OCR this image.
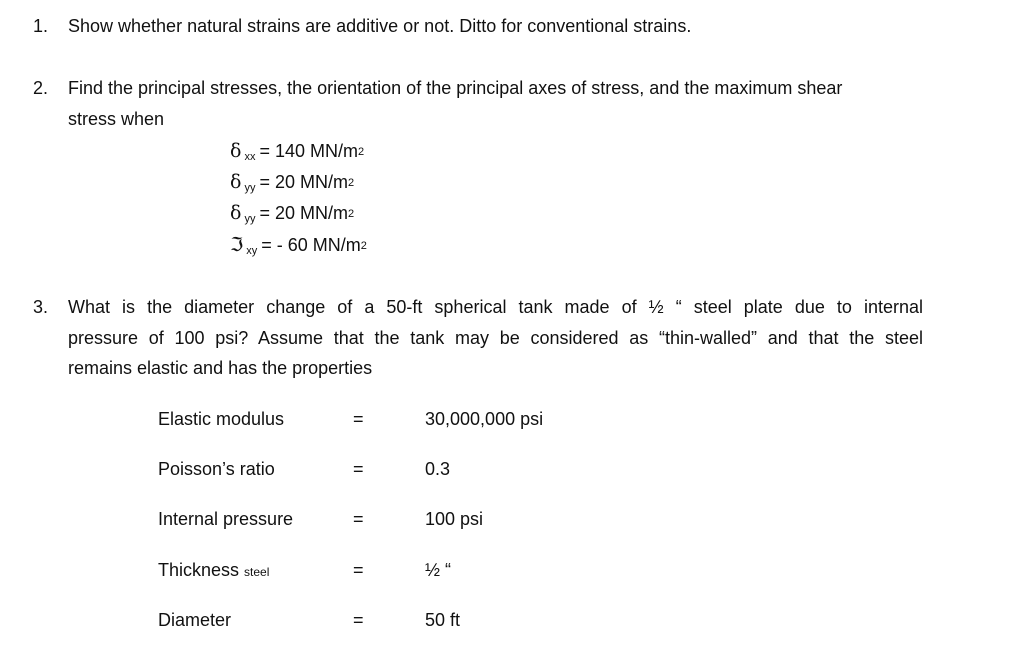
1. Show whether natural strains are additive or not. Ditto for conventional strains.
2. Find the principal stresses, the orientation of the principal axes of stress, and the maximum shear
stress when
δxx = 140 $MN/m^2$
δyy = 20 $MN/m^2$
δyy = 20 $MN/m^2$
ℑxy = - 60 $MN/m^2$
3. What is the diameter change of a 50-ft spherical tank made of ½ “ steel plate due to internal
pressure of 100 psi? Assume that the tank may be considered as “thin-walled” and that the steel
remains elastic and has the properties
Elastic modulus	=	30,000,000 psi
Poisson’s ratio	=	0.3
Internal pressure	=	100 psi
Thickness steel	=	½ “
Diameter	=	50 ft
